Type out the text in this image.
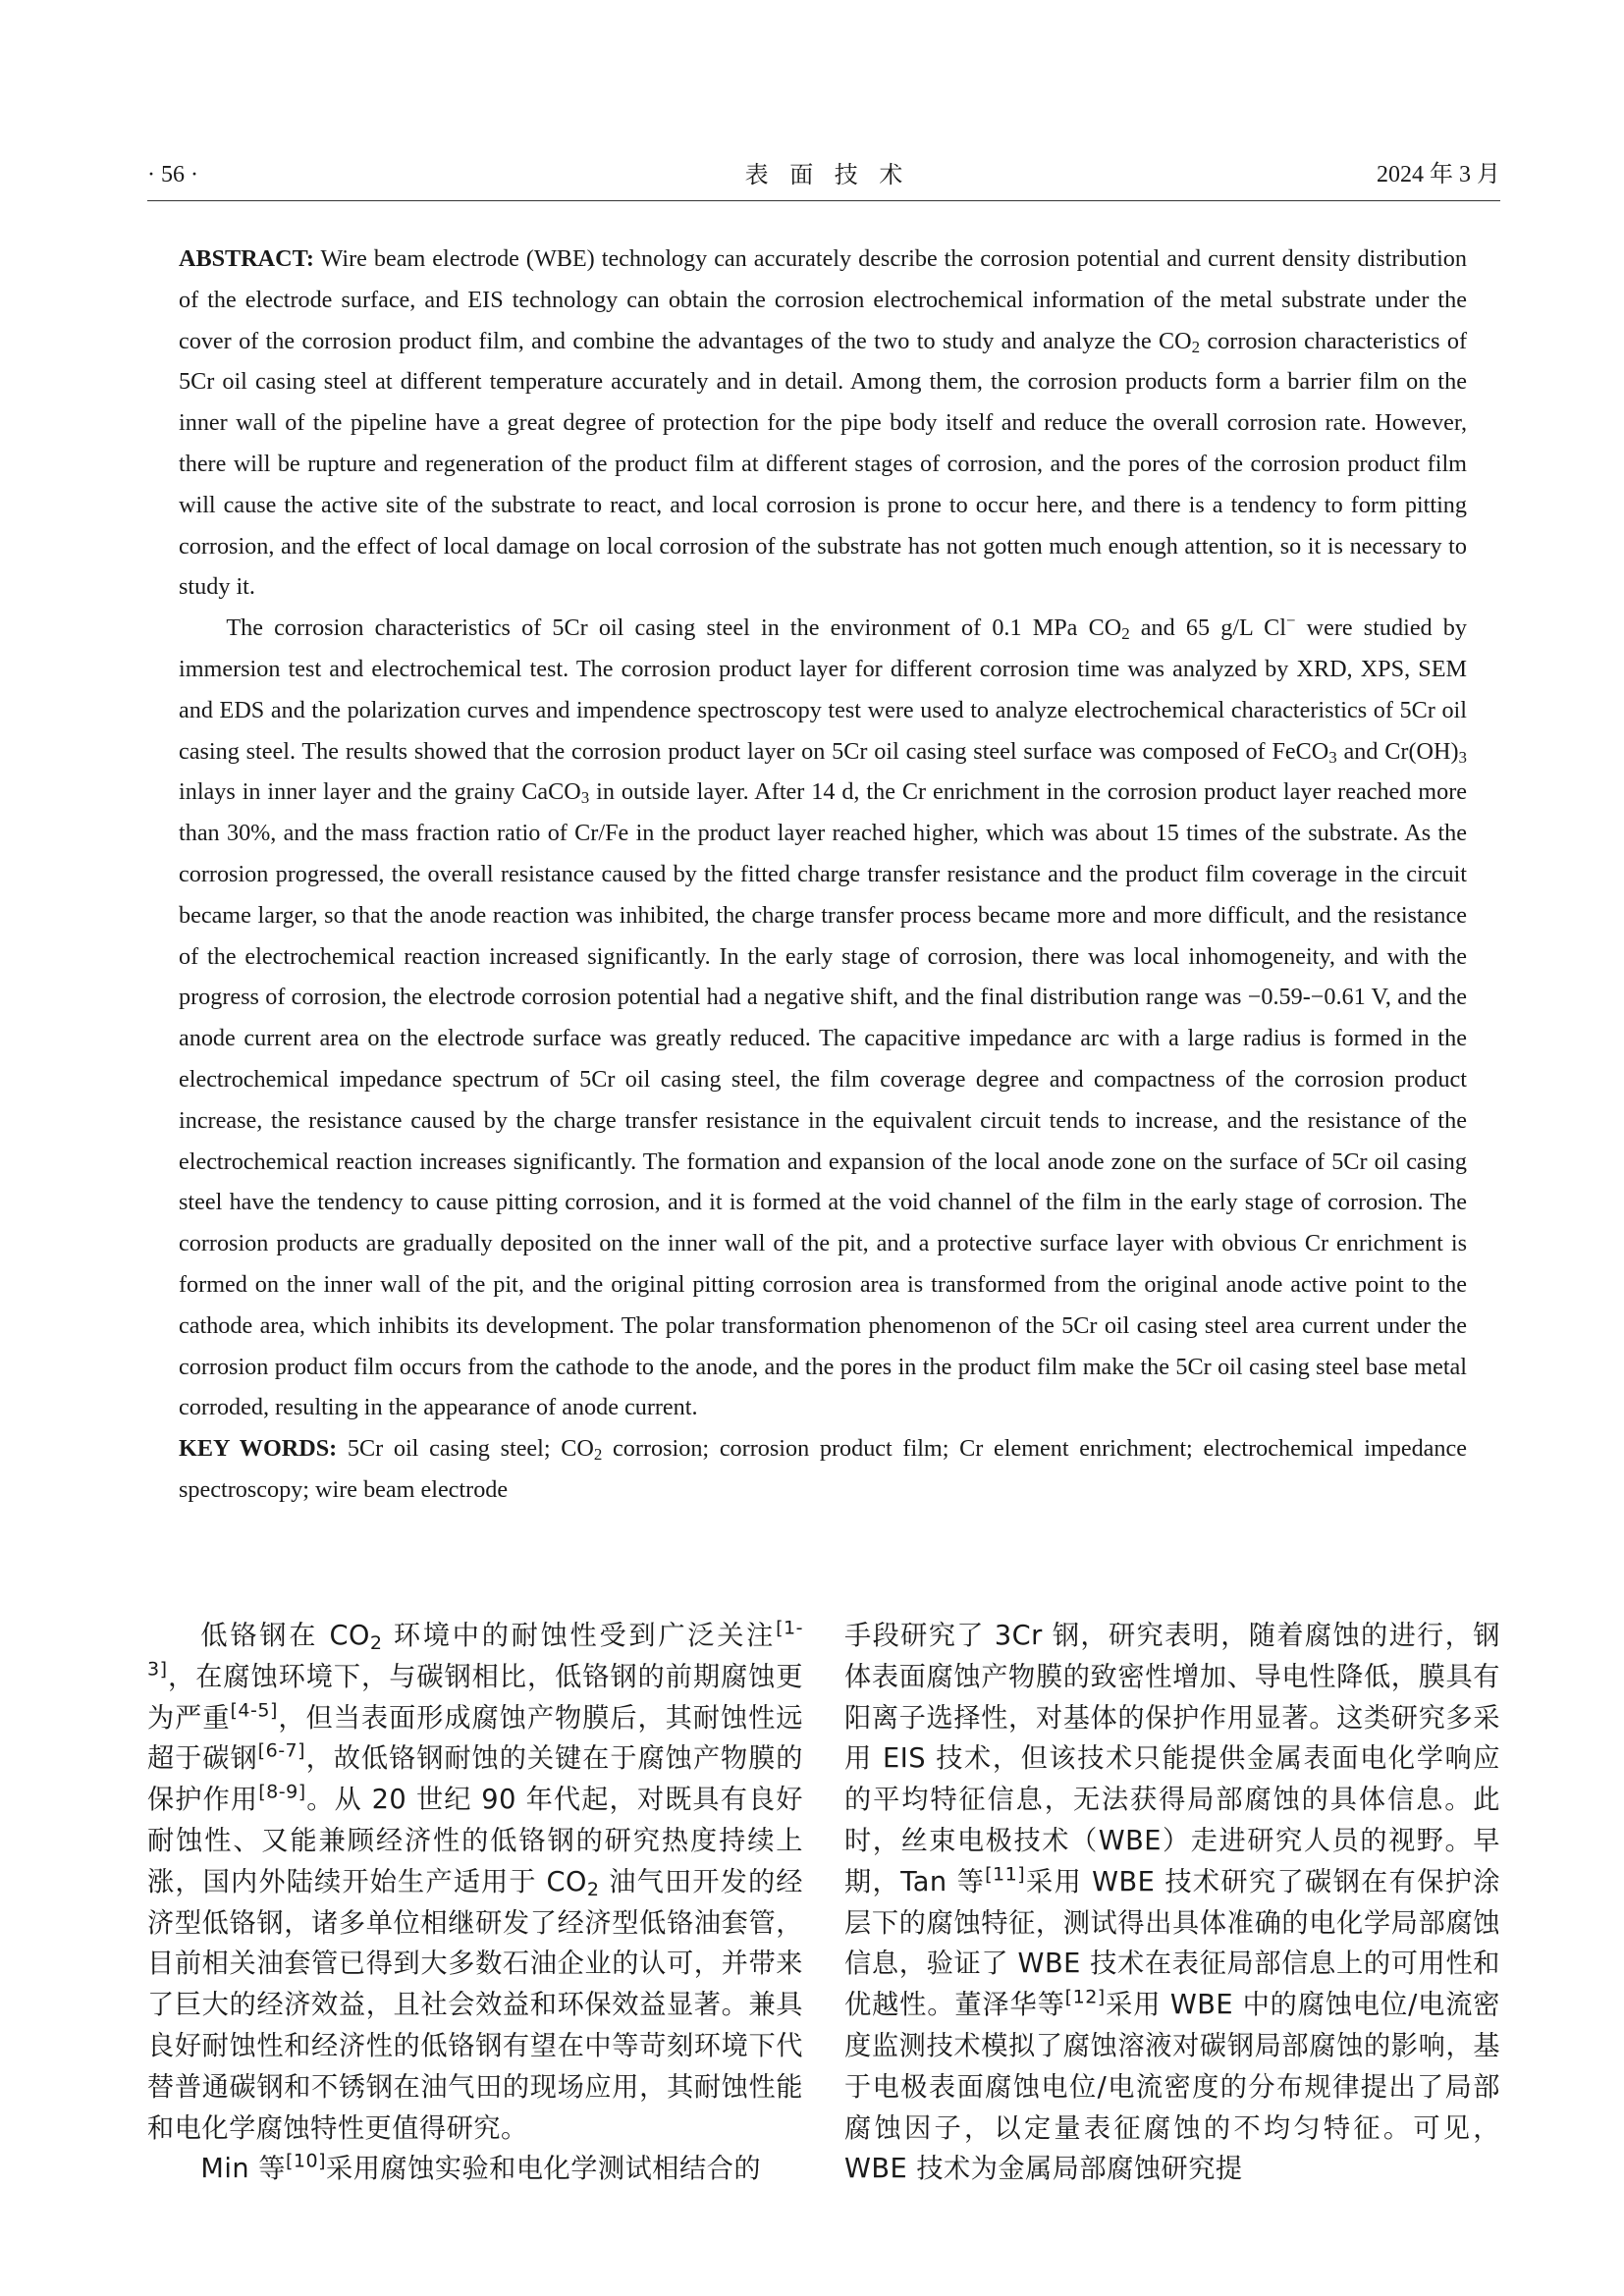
· 56 ·	表面技术	2024 年 3 月

ABSTRACT: Wire beam electrode (WBE) technology can accurately describe the corrosion potential and current density distribution of the electrode surface, and EIS technology can obtain the corrosion electrochemical information of the metal substrate under the cover of the corrosion product film, and combine the advantages of the two to study and analyze the $CO_2$ corrosion characteristics of 5Cr oil casing steel at different temperature accurately and in detail. Among them, the corrosion products form a barrier film on the inner wall of the pipeline have a great degree of protection for the pipe body itself and reduce the overall corrosion rate. However, there will be rupture and regeneration of the product film at different stages of corrosion, and the pores of the corrosion product film will cause the active site of the substrate to react, and local corrosion is prone to occur here, and there is a tendency to form pitting corrosion, and the effect of local damage on local corrosion of the substrate has not gotten much enough attention, so it is necessary to study it.

The corrosion characteristics of 5Cr oil casing steel in the environment of 0.1 MPa $CO_2$ and 65 g/L Cl− were studied by immersion test and electrochemical test. The corrosion product layer for different corrosion time was analyzed by XRD, XPS, SEM and EDS and the polarization curves and impendence spectroscopy test were used to analyze electrochemical characteristics of 5Cr oil casing steel. The results showed that the corrosion product layer on 5Cr oil casing steel surface was composed of FeCO$_3$ and $Cr(OH)_3$ inlays in inner layer and the grainy CaCO$_3$ in outside layer. After 14 d, the Cr enrichment in the corrosion product layer reached more than 30%, and the mass fraction ratio of Cr/Fe in the product layer reached higher, which was about 15 times of the substrate. As the corrosion progressed, the overall resistance caused by the fitted charge transfer resistance and the product film coverage in the circuit became larger, so that the anode reaction was inhibited, the charge transfer process became more and more difficult, and the resistance of the electrochemical reaction increased significantly. In the early stage of corrosion, there was local inhomogeneity, and with the progress of corrosion, the electrode corrosion potential had a negative shift, and the final distribution range was −0.59-−0.61 V, and the anode current area on the electrode surface was greatly reduced. The capacitive impedance arc with a large radius is formed in the electrochemical impedance spectrum of 5Cr oil casing steel, the film coverage degree and compactness of the corrosion product increase, the resistance caused by the charge transfer resistance in the equivalent circuit tends to increase, and the resistance of the electrochemical reaction increases significantly. The formation and expansion of the local anode zone on the surface of 5Cr oil casing steel have the tendency to cause pitting corrosion, and it is formed at the void channel of the film in the early stage of corrosion. The corrosion products are gradually deposited on the inner wall of the pit, and a protective surface layer with obvious Cr enrichment is formed on the inner wall of the pit, and the original pitting corrosion area is transformed from the original anode active point to the cathode area, which inhibits its development. The polar transformation phenomenon of the 5Cr oil casing steel area current under the corrosion product film occurs from the cathode to the anode, and the pores in the product film make the 5Cr oil casing steel base metal corroded, resulting in the appearance of anode current.

KEY WORDS: 5Cr oil casing steel; $CO_2$ corrosion; corrosion product film; Cr element enrichment; electrochemical impedance spectroscopy; wire beam electrode

低铬钢在 $CO_2$ 环境中的耐蚀性受到广泛关注[1-3]，在腐蚀环境下，与碳钢相比，低铬钢的前期腐蚀更为严重[4-5]，但当表面形成腐蚀产物膜后，其耐蚀性远超于碳钢[6-7]，故低铬钢耐蚀的关键在于腐蚀产物膜的保护作用[8-9]。从 20 世纪 90 年代起，对既具有良好耐蚀性、又能兼顾经济性的低铬钢的研究热度持续上涨，国内外陆续开始生产适用于 $CO_2$ 油气田开发的经济型低铬钢，诸多单位相继研发了经济型低铬油套管，目前相关油套管已得到大多数石油企业的认可，并带来了巨大的经济效益，且社会效益和环保效益显著。兼具良好耐蚀性和经济性的低铬钢有望在中等苛刻环境下代替普通碳钢和不锈钢在油气田的现场应用，其耐蚀性能和电化学腐蚀特性更值得研究。

Min 等[10]采用腐蚀实验和电化学测试相结合的

手段研究了 3Cr 钢，研究表明，随着腐蚀的进行，钢体表面腐蚀产物膜的致密性增加、导电性降低，膜具有阳离子选择性，对基体的保护作用显著。这类研究多采用 EIS 技术，但该技术只能提供金属表面电化学响应的平均特征信息，无法获得局部腐蚀的具体信息。此时，丝束电极技术（WBE）走进研究人员的视野。早期，Tan 等[11]采用 WBE 技术研究了碳钢在有保护涂层下的腐蚀特征，测试得出具体准确的电化学局部腐蚀信息，验证了 WBE 技术在表征局部信息上的可用性和优越性。董泽华等[12]采用 WBE 中的腐蚀电位/电流密度监测技术模拟了腐蚀溶液对碳钢局部腐蚀的影响，基于电极表面腐蚀电位/电流密度的分布规律提出了局部腐蚀因子，以定量表征腐蚀的不均匀特征。可见，WBE 技术为金属局部腐蚀研究提
